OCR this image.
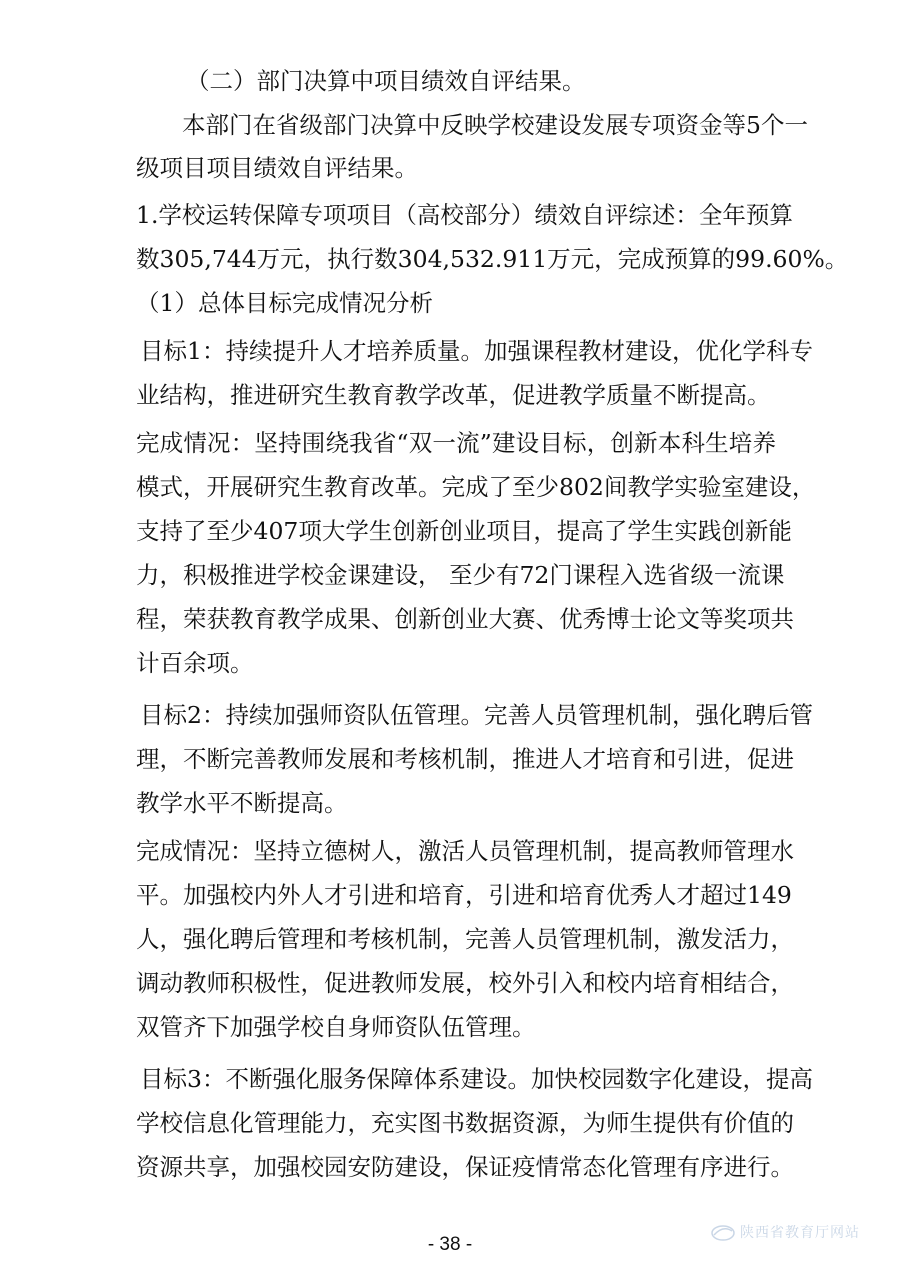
（二）部门决算中项目绩效自评结果。
本部门在省级部门决算中反映学校建设发展专项资金等5个一
级项目项目绩效自评结果。
1.学校运转保障专项项目（高校部分）绩效自评综述：全年预算
数305,744万元，执行数304,532.911万元，完成预算的99.60%。
（1）总体目标完成情况分析
目标1：持续提升人才培养质量。加强课程教材建设，优化学科专
业结构，推进研究生教育教学改革，促进教学质量不断提高。
完成情况：坚持围绕我省“双一流”建设目标，创新本科生培养
模式，开展研究生教育改革。完成了至少802间教学实验室建设，
支持了至少407项大学生创新创业项目，提高了学生实践创新能
力，积极推进学校金课建设， 至少有72门课程入选省级一流课
程，荣获教育教学成果、创新创业大赛、优秀博士论文等奖项共
计百余项。
目标2：持续加强师资队伍管理。完善人员管理机制，强化聘后管
理，不断完善教师发展和考核机制，推进人才培育和引进，促进
教学水平不断提高。
完成情况：坚持立德树人，激活人员管理机制，提高教师管理水
平。加强校内外人才引进和培育，引进和培育优秀人才超过149
人，强化聘后管理和考核机制，完善人员管理机制，激发活力，
调动教师积极性，促进教师发展，校外引入和校内培育相结合，
双管齐下加强学校自身师资队伍管理。
目标3：不断强化服务保障体系建设。加快校园数字化建设，提高
学校信息化管理能力，充实图书数据资源，为师生提供有价值的
资源共享，加强校园安防建设，保证疫情常态化管理有序进行。
- 38 -
陕西省教育厅网站
